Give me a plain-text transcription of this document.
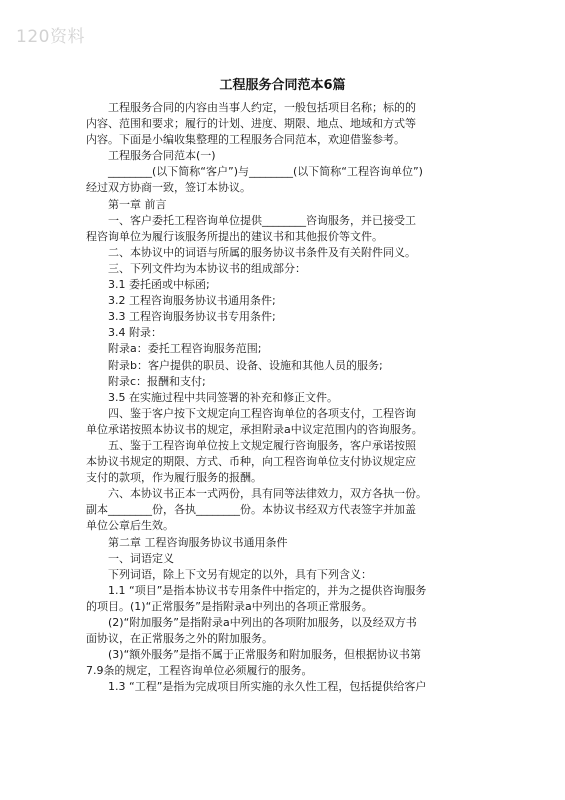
120资料
工程服务合同范本6篇
工程服务合同的内容由当事人约定，一般包括项目名称；标的的
内容、范围和要求；履行的计划、进度、期限、地点、地域和方式等
内容。下面是小编收集整理的工程服务合同范本，欢迎借鉴参考。
工程服务合同范本(一)
________(以下简称“客户”)与________(以下简称“工程咨询单位”)
经过双方协商一致，签订本协议。
第一章 前言
一、客户委托工程咨询单位提供________咨询服务，并已接受工
程咨询单位为履行该服务所提出的建议书和其他报价等文件。
二、本协议中的词语与所属的服务协议书条件及有关附件同义。
三、下列文件均为本协议书的组成部分：
3.1 委托函或中标函;
3.2 工程咨询服务协议书通用条件;
3.3 工程咨询服务协议书专用条件;
3.4 附录：
附录a：委托工程咨询服务范围;
附录b：客户提供的职员、设备、设施和其他人员的服务;
附录c：报酬和支付;
3.5 在实施过程中共同签署的补充和修正文件。
四、鉴于客户按下文规定向工程咨询单位的各项支付，工程咨询
单位承诺按照本协议书的规定，承担附录a中议定范围内的咨询服务。
五、鉴于工程咨询单位按上文规定履行咨询服务，客户承诺按照
本协议书规定的期限、方式、币种，向工程咨询单位支付协议规定应
支付的款项，作为履行服务的报酬。
六、本协议书正本一式两份，具有同等法律效力，双方各执一份。
副本________份，各执________份。本协议书经双方代表签字并加盖
单位公章后生效。
第二章 工程咨询服务协议书通用条件
一、词语定义
下列词语，除上下文另有规定的以外，具有下列含义：
1.1 “项目”是指本协议书专用条件中指定的，并为之提供咨询服务
的项目。(1)“正常服务”是指附录a中列出的各项正常服务。
(2)“附加服务”是指附录a中列出的各项附加服务，以及经双方书
面协议，在正常服务之外的附加服务。
(3)“额外服务”是指不属于正常服务和附加服务，但根据协议书第
7.9条的规定，工程咨询单位必须履行的服务。
1.3 “工程”是指为完成项目所实施的永久性工程，包括提供给客户
